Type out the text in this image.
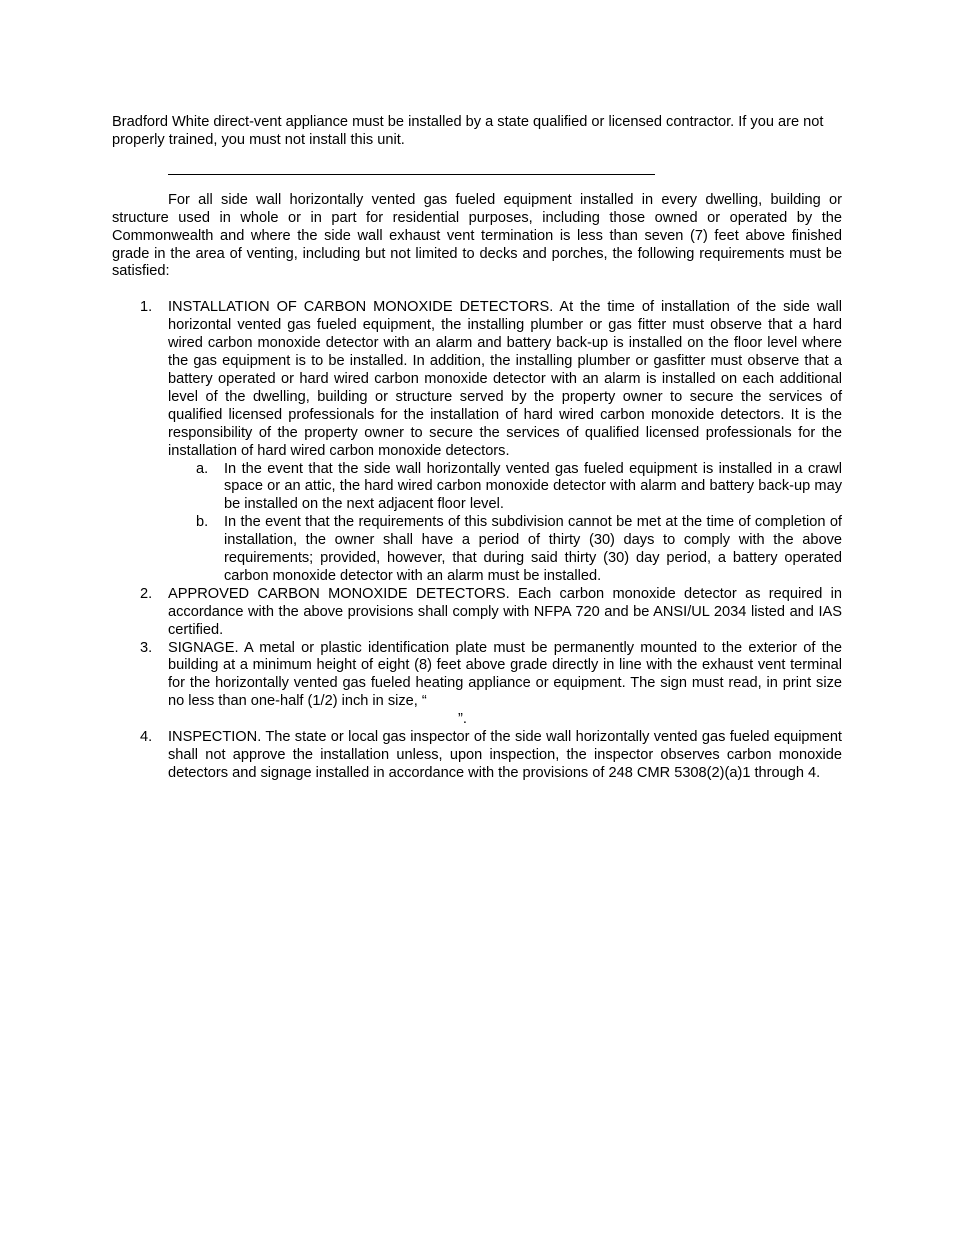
Bradford White direct-vent appliance must be installed by a state qualified or licensed contractor. If you are not properly trained, you must not install this unit.

For all side wall horizontally vented gas fueled equipment installed in every dwelling, building or structure used in whole or in part for residential purposes, including those owned or operated by the Commonwealth and where the side wall exhaust vent termination is less than seven (7) feet above finished grade in the area of venting, including but not limited to decks and porches, the following requirements must be satisfied:

1. INSTALLATION OF CARBON MONOXIDE DETECTORS. At the time of installation of the side wall horizontal vented gas fueled equipment, the installing plumber or gas fitter must observe that a hard wired carbon monoxide detector with an alarm and battery back-up is installed on the floor level where the gas equipment is to be installed. In addition, the installing plumber or gasfitter must observe that a battery operated or hard wired carbon monoxide detector with an alarm is installed on each additional level of the dwelling, building or structure served by the property owner to secure the services of qualified licensed professionals for the installation of hard wired carbon monoxide detectors. It is the responsibility of the property owner to secure the services of qualified licensed professionals for the installation of hard wired carbon monoxide detectors.
a. In the event that the side wall horizontally vented gas fueled equipment is installed in a crawl space or an attic, the hard wired carbon monoxide detector with alarm and battery back-up may be installed on the next adjacent floor level.
b. In the event that the requirements of this subdivision cannot be met at the time of completion of installation, the owner shall have a period of thirty (30) days to comply with the above requirements; provided, however, that during said thirty (30) day period, a battery operated carbon monoxide detector with an alarm must be installed.
2. APPROVED CARBON MONOXIDE DETECTORS. Each carbon monoxide detector as required in accordance with the above provisions shall comply with NFPA 720 and be ANSI/UL 2034 listed and IAS certified.
3. SIGNAGE. A metal or plastic identification plate must be permanently mounted to the exterior of the building at a minimum height of eight (8) feet above grade directly in line with the exhaust vent terminal for the horizontally vented gas fueled heating appliance or equipment. The sign must read, in print size no less than one-half (1/2) inch in size, “
”.
4. INSPECTION. The state or local gas inspector of the side wall horizontally vented gas fueled equipment shall not approve the installation unless, upon inspection, the inspector observes carbon monoxide detectors and signage installed in accordance with the provisions of 248 CMR 5308(2)(a)1 through 4.
